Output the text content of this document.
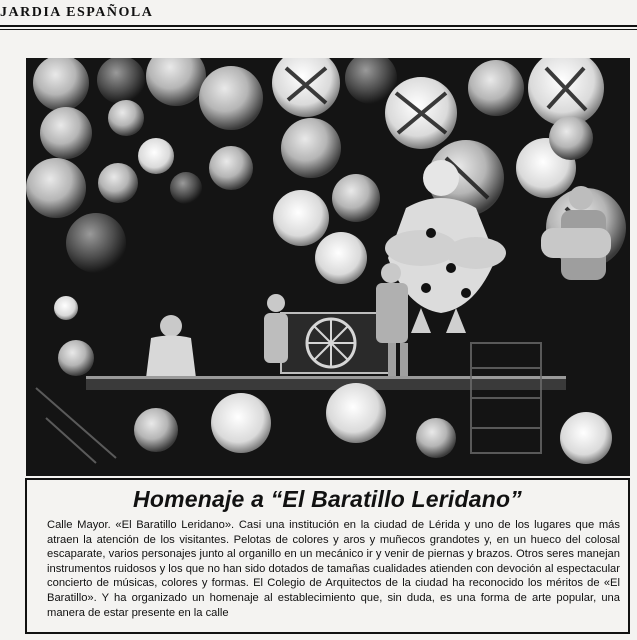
JARDIA ESPAÑOLA
Homenaje a “El Baratillo Leridano”
Calle Mayor. «El Baratillo Leridano». Casi una institución en la ciudad de Lérida y uno de los lugares que más atraen la atención de los visitantes. Pelotas de colores y aros y muñecos grandotes y, en un hueco del colosal escaparate, varios personajes junto al organillo en un mecánico ir y venir de piernas y brazos. Otros seres manejan instrumentos ruidosos y los que no han sido dotados de tamañas cualidades atienden con devoción al espectacular concierto de músicas, colores y formas. El Colegio de Arquitectos de la ciudad ha reconocido los méritos de «El Baratillo». Y ha organizado un homenaje al establecimiento que, sin duda, es una forma de arte popular, una manera de estar presente en la calle
